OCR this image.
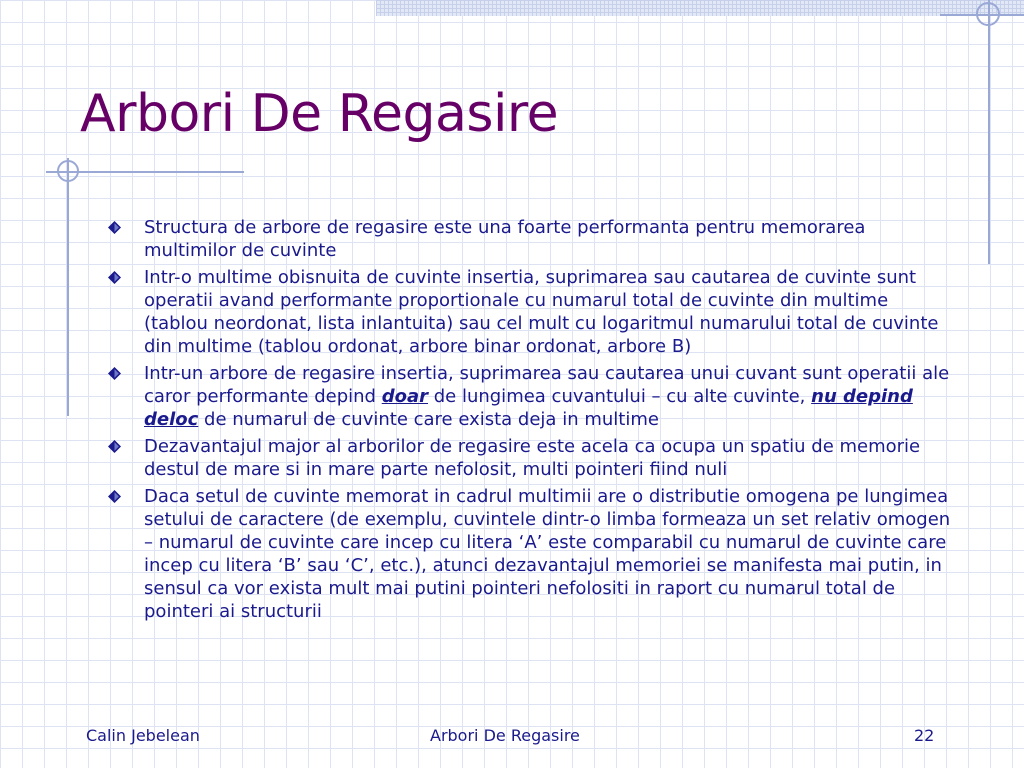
Arbori De Regasire
Structura de arbore de regasire este una foarte performanta pentru memorarea multimilor de cuvinte
Intr-o multime obisnuita de cuvinte insertia, suprimarea sau cautarea de cuvinte sunt operatii avand performante proportionale cu numarul total de cuvinte din multime (tablou neordonat, lista inlantuita) sau cel mult cu logaritmul numarului total de cuvinte din multime (tablou ordonat, arbore binar ordonat, arbore B)
Intr-un arbore de regasire insertia, suprimarea sau cautarea unui cuvant sunt operatii ale caror performante depind doar de lungimea cuvantului – cu alte cuvinte, nu depind deloc de numarul de cuvinte care exista deja in multime
Dezavantajul major al arborilor de regasire este acela ca ocupa un spatiu de memorie destul de mare si in mare parte nefolosit, multi pointeri fiind nuli
Daca setul de cuvinte memorat in cadrul multimii are o distributie omogena pe lungimea setului de caractere (de exemplu, cuvintele dintr-o limba formeaza un set relativ omogen – numarul de cuvinte care incep cu litera ‘A’ este comparabil cu numarul de cuvinte care incep cu litera ‘B’ sau ‘C’, etc.), atunci dezavantajul memoriei se manifesta mai putin, in sensul ca vor exista mult mai putini pointeri nefolositi in raport cu numarul total de pointeri ai structurii
Calin Jebelean	Arbori De Regasire	22
